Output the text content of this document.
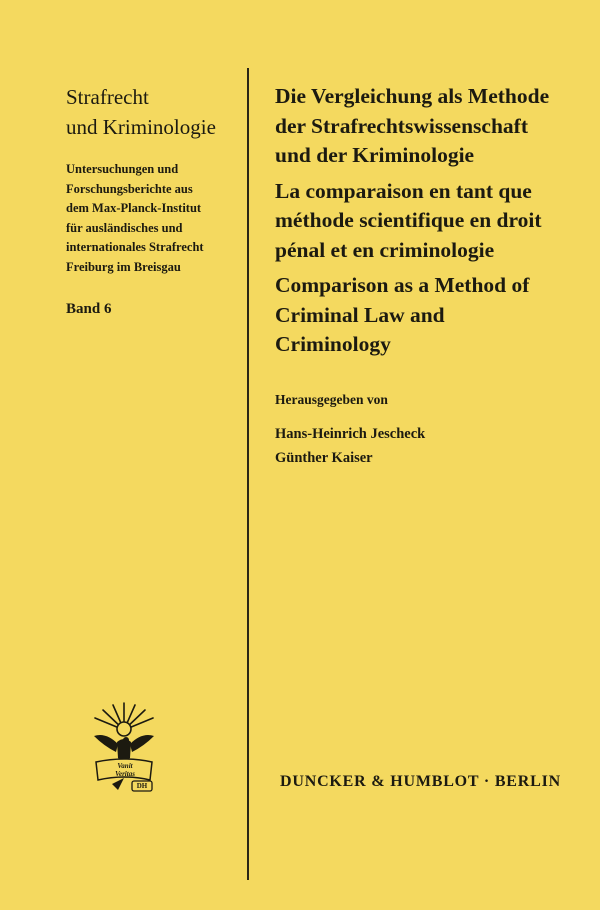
Strafrecht
und Kriminologie
Untersuchungen und
Forschungsberichte aus
dem Max-Planck-Institut
für ausländisches und
internationales Strafrecht
Freiburg im Breisgau
Band 6
Die Vergleichung als Methode
der Strafrechtswissenschaft
und der Kriminologie
La comparaison en tant que
méthode scientifique en droit
pénal et en criminologie
Comparison as a Method of
Criminal Law and
Criminology
Herausgegeben von
Hans-Heinrich Jescheck
Günther Kaiser
Vanit
Veritas
DH	DUNCKER & HUMBLOT · BERLIN
